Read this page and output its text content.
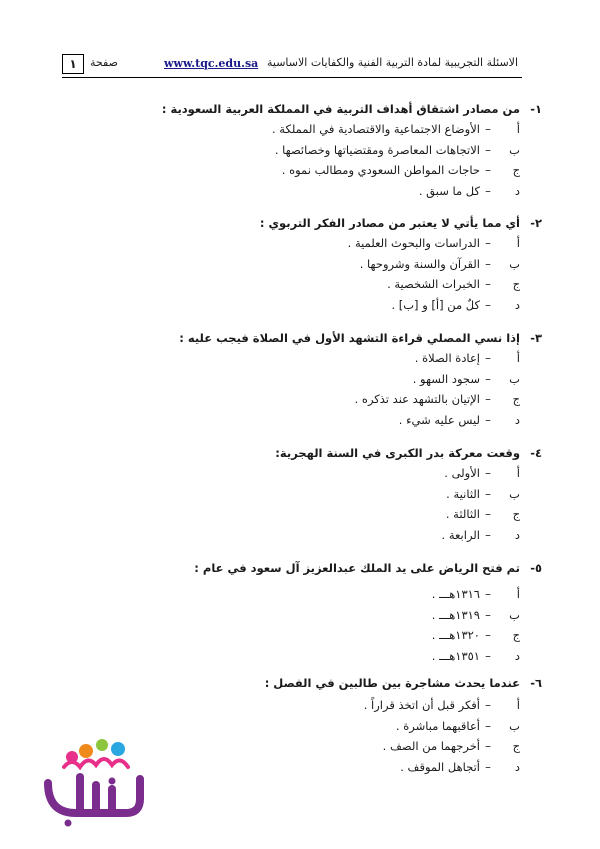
الاسئلة التجريبية لمادة التربية الفنية والكفايات الاساسية
www.tqc.edu.sa
صفحة
١
١-
من مصادر اشتقاق أهداف التربية في المملكة العربية السعودية :
أ
–
الأوضاع الاجتماعية والاقتصادية في المملكة .
ب
–
الاتجاهات المعاصرة ومقتضياتها وخصائصها .
ج
–
حاجات المواطن السعودي ومطالب نموه .
د
–
كل ما سبق .
٢-
أي مما يأتي لا يعتبر من مصادر الفكر التربوي :
أ
–
الدراسات والبحوث العلمية .
ب
–
القرآن والسنة وشروحها .
ج
–
الخبرات الشخصية .
د
–
كلٌ من [أ] و [ب] .
٣-
إذا نسي المصلي قراءة التشهد الأول في الصلاة فيجب عليه :
أ
–
إعادة الصلاة .
ب
–
سجود السهو .
ج
–
الإتيان بالتشهد عند تذكره .
د
–
ليس عليه شيء .
٤-
وقعت معركة بدر الكبرى في السنة الهجرية:
أ
–
الأولى .
ب
–
الثانية .
ج
–
الثالثة .
د
–
الرابعة .
٥-
تم فتح الرياض على يد الملك عبدالعزيز آل سعود في عام :
أ
–
١٣١٦هـــ .
ب
–
١٣١٩هـــ .
ج
–
١٣٢٠هـــ .
د
–
١٣٥١هـــ .
٦-
عندما يحدث مشاجرة بين طالبين في الفصل :
أ
–
أفكر قبل أن اتخذ قراراً .
ب
–
أعاقبهما مباشرة .
ج
–
أخرجهما من الصف .
د
–
أتجاهل الموقف .
